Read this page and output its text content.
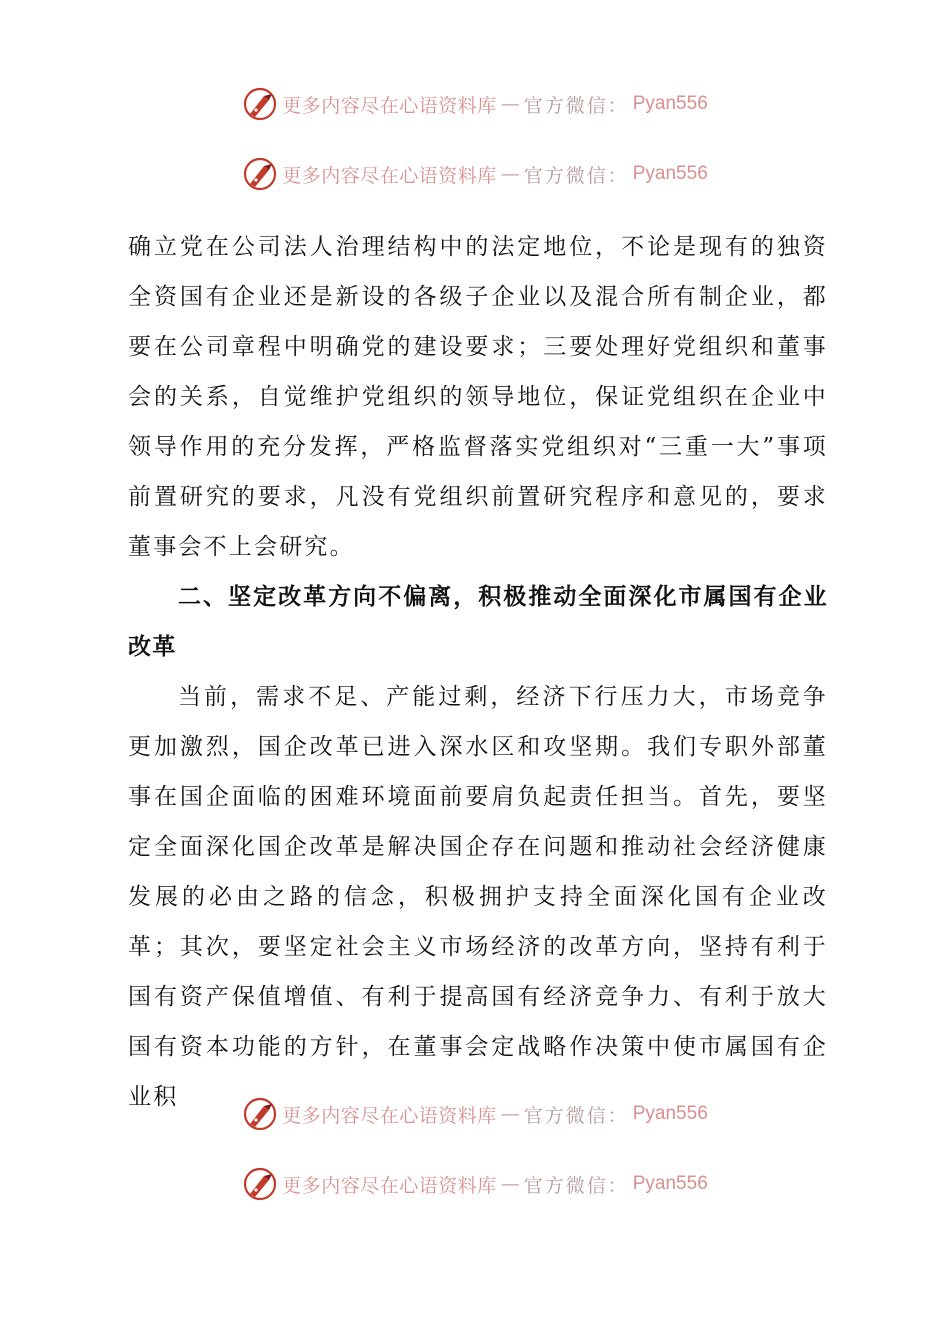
更多内容尽在心语资料库 — 官方微信： Pyan556
更多内容尽在心语资料库 — 官方微信： Pyan556

确立党在公司法人治理结构中的法定地位，不论是现有的独资全资国有企业还是新设的各级子企业以及混合所有制企业，都要在公司章程中明确党的建设要求；三要处理好党组织和董事会的关系，自觉维护党组织的领导地位，保证党组织在企业中领导作用的充分发挥，严格监督落实党组织对“三重一大”事项前置研究的要求，凡没有党组织前置研究程序和意见的，要求董事会不上会研究。

二、坚定改革方向不偏离，积极推动全面深化市属国有企业改革

当前，需求不足、产能过剩，经济下行压力大，市场竞争更加激烈，国企改革已进入深水区和攻坚期。我们专职外部董事在国企面临的困难环境面前要肩负起责任担当。首先，要坚定全面深化国企改革是解决国企存在问题和推动社会经济健康发展的必由之路的信念，积极拥护支持全面深化国有企业改革；其次，要坚定社会主义市场经济的改革方向，坚持有利于国有资产保值增值、有利于提高国有经济竞争力、有利于放大国有资本功能的方针，在董事会定战略作决策中使市属国有企业积

更多内容尽在心语资料库 — 官方微信： Pyan556
更多内容尽在心语资料库 — 官方微信： Pyan556
